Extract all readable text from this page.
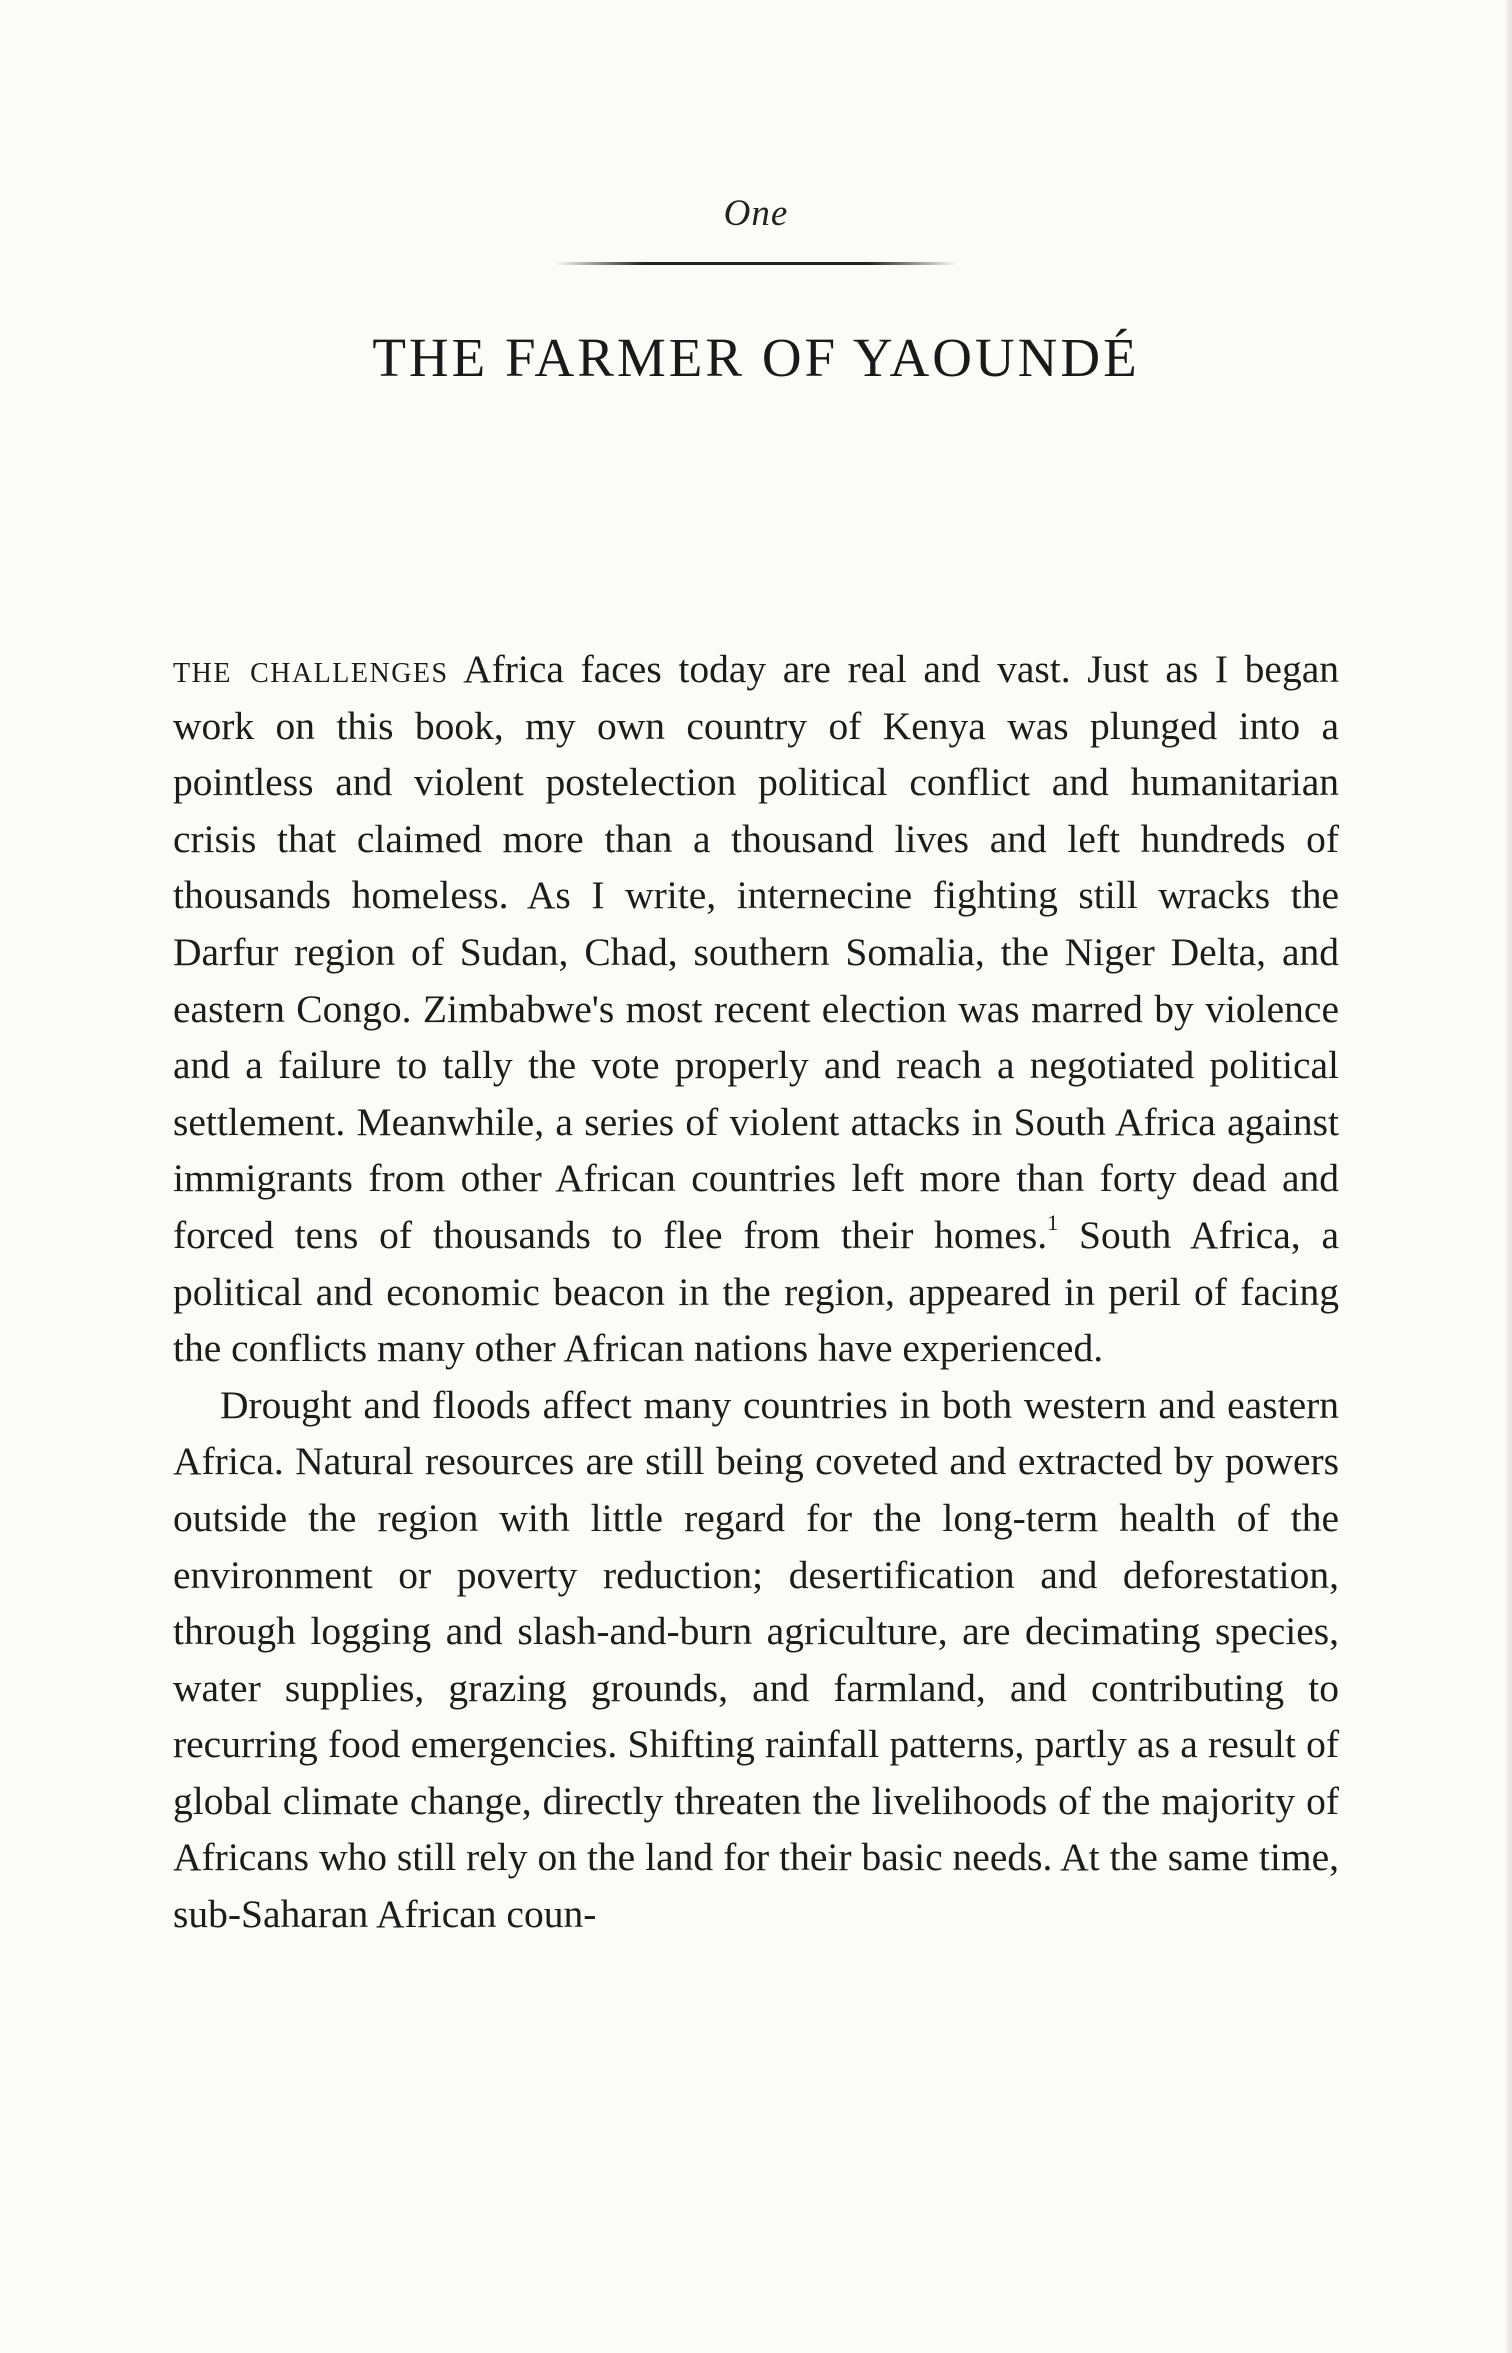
One
THE FARMER OF YAOUNDÉ

the challenges Africa faces today are real and vast. Just as I began work on this book, my own country of Kenya was plunged into a pointless and violent postelection political conflict and humanitarian crisis that claimed more than a thousand lives and left hundreds of thousands homeless. As I write, internecine fighting still wracks the Darfur region of Sudan, Chad, southern Somalia, the Niger Delta, and eastern Congo. Zimbabwe's most recent election was marred by violence and a failure to tally the vote properly and reach a negotiated political settlement. Meanwhile, a series of violent attacks in South Africa against immigrants from other African countries left more than forty dead and forced tens of thousands to flee from their homes.$^1$ South Africa, a political and economic beacon in the region, appeared in peril of facing the conflicts many other African nations have experienced.

Drought and floods affect many countries in both western and eastern Africa. Natural resources are still being coveted and extracted by powers outside the region with little regard for the long-term health of the environment or poverty reduction; desertification and deforestation, through logging and slash-and-burn agriculture, are decimating species, water supplies, grazing grounds, and farmland, and contributing to recurring food emergencies. Shifting rainfall patterns, partly as a result of global climate change, directly threaten the livelihoods of the majority of Africans who still rely on the land for their basic needs. At the same time, sub-Saharan African coun-
